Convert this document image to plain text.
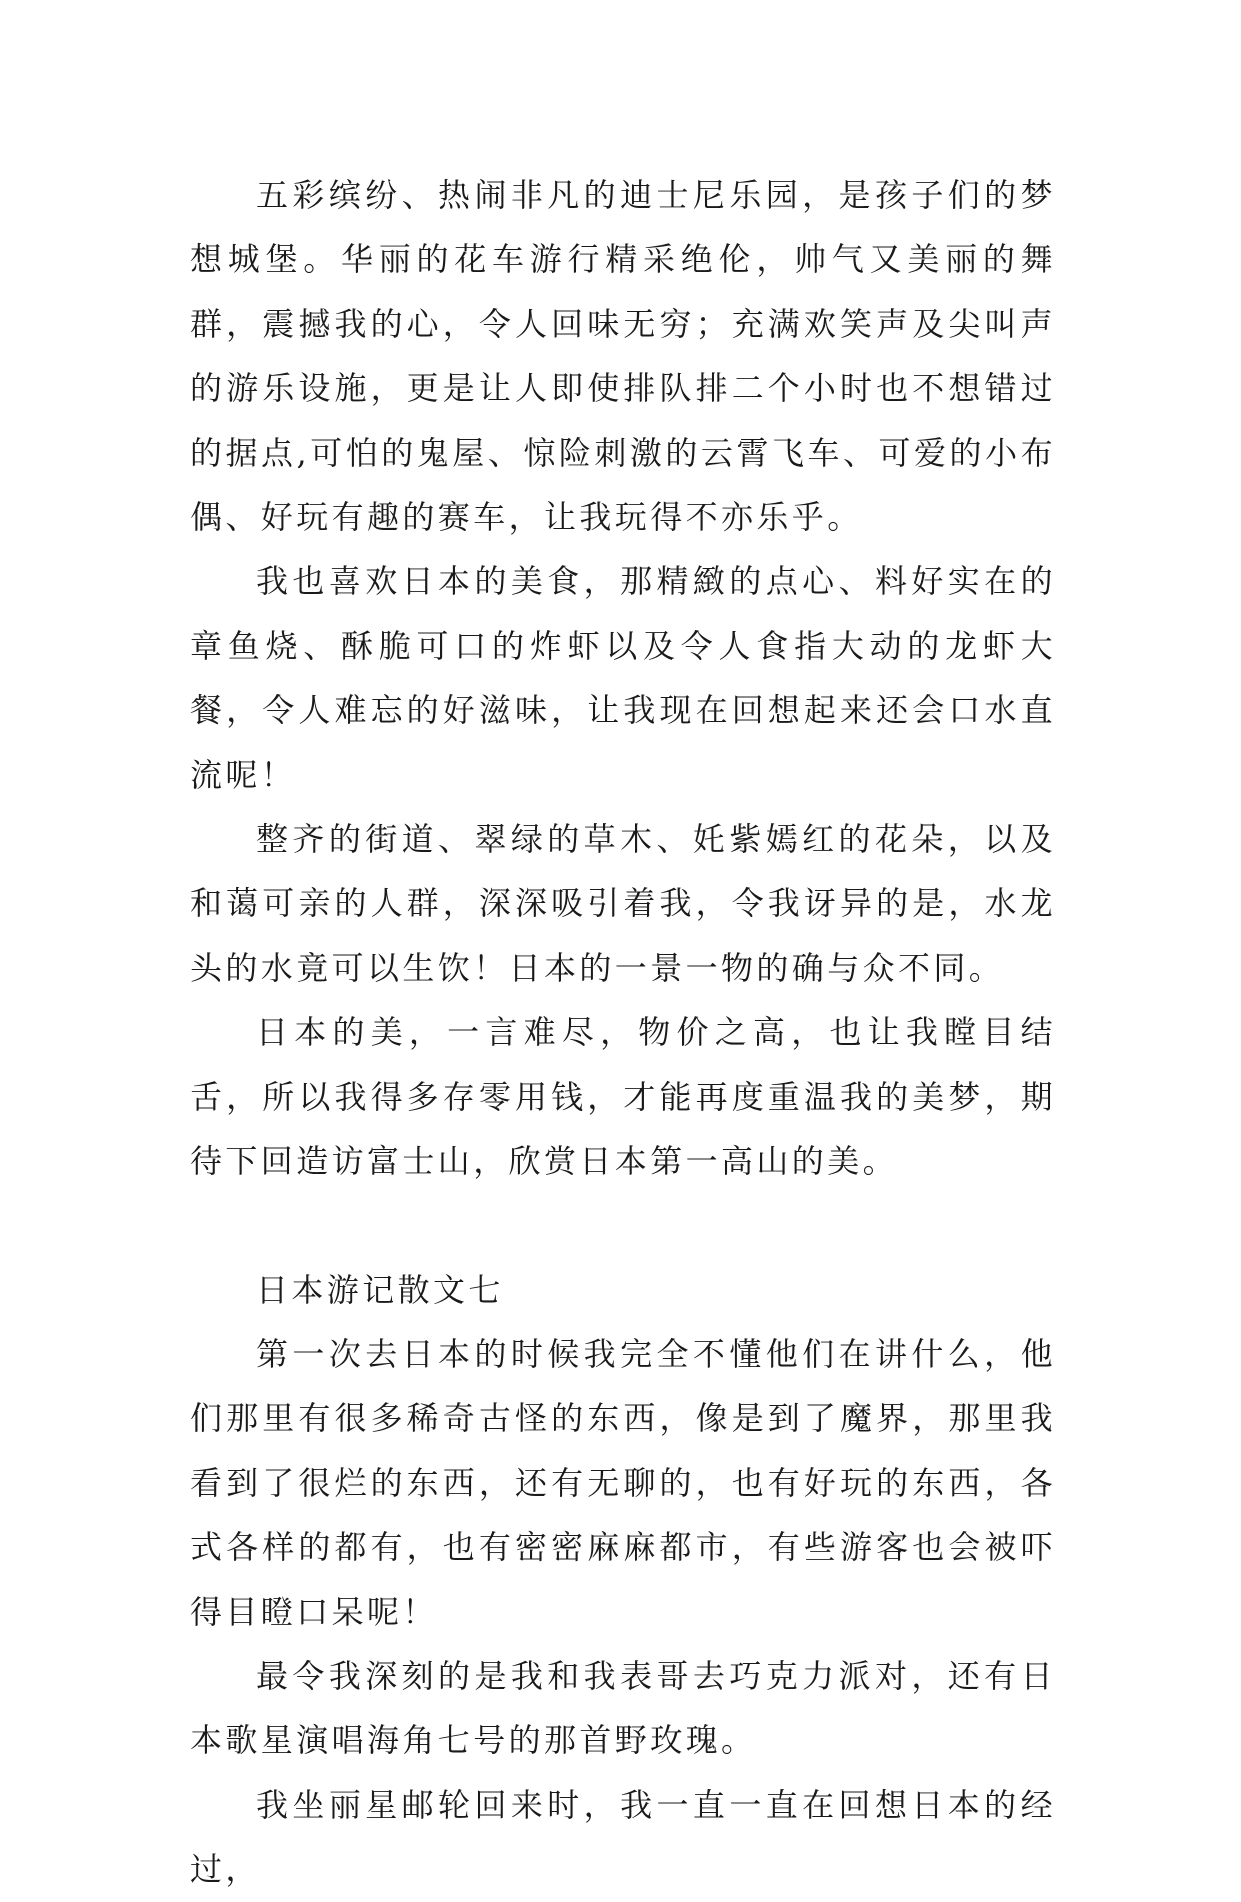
五彩缤纷、热闹非凡的迪士尼乐园，是孩子们的梦想城堡。华丽的花车游行精采绝伦，帅气又美丽的舞群，震撼我的心，令人回味无穷；充满欢笑声及尖叫声的游乐设施，更是让人即使排队排二个小时也不想错过的据点,可怕的鬼屋、惊险刺激的云霄飞车、可爱的小布偶、好玩有趣的赛车，让我玩得不亦乐乎。

我也喜欢日本的美食，那精緻的点心、料好实在的章鱼烧、酥脆可口的炸虾以及令人食指大动的龙虾大餐，令人难忘的好滋味，让我现在回想起来还会口水直流呢！

整齐的街道、翠绿的草木、奼紫嫣红的花朵，以及和蔼可亲的人群，深深吸引着我，令我讶异的是，水龙头的水竟可以生饮！日本的一景一物的确与众不同。

日本的美，一言难尽，物价之高，也让我瞠目结舌，所以我得多存零用钱，才能再度重温我的美梦，期待下回造访富士山，欣赏日本第一高山的美。

日本游记散文七

第一次去日本的时候我完全不懂他们在讲什么，他们那里有很多稀奇古怪的东西，像是到了魔界，那里我看到了很烂的东西，还有无聊的，也有好玩的东西，各式各样的都有，也有密密麻麻都市，有些游客也会被吓得目瞪口呆呢！

最令我深刻的是我和我表哥去巧克力派对，还有日本歌星演唱海角七号的那首野玫瑰。

我坐丽星邮轮回来时，我一直一直在回想日本的经过，
